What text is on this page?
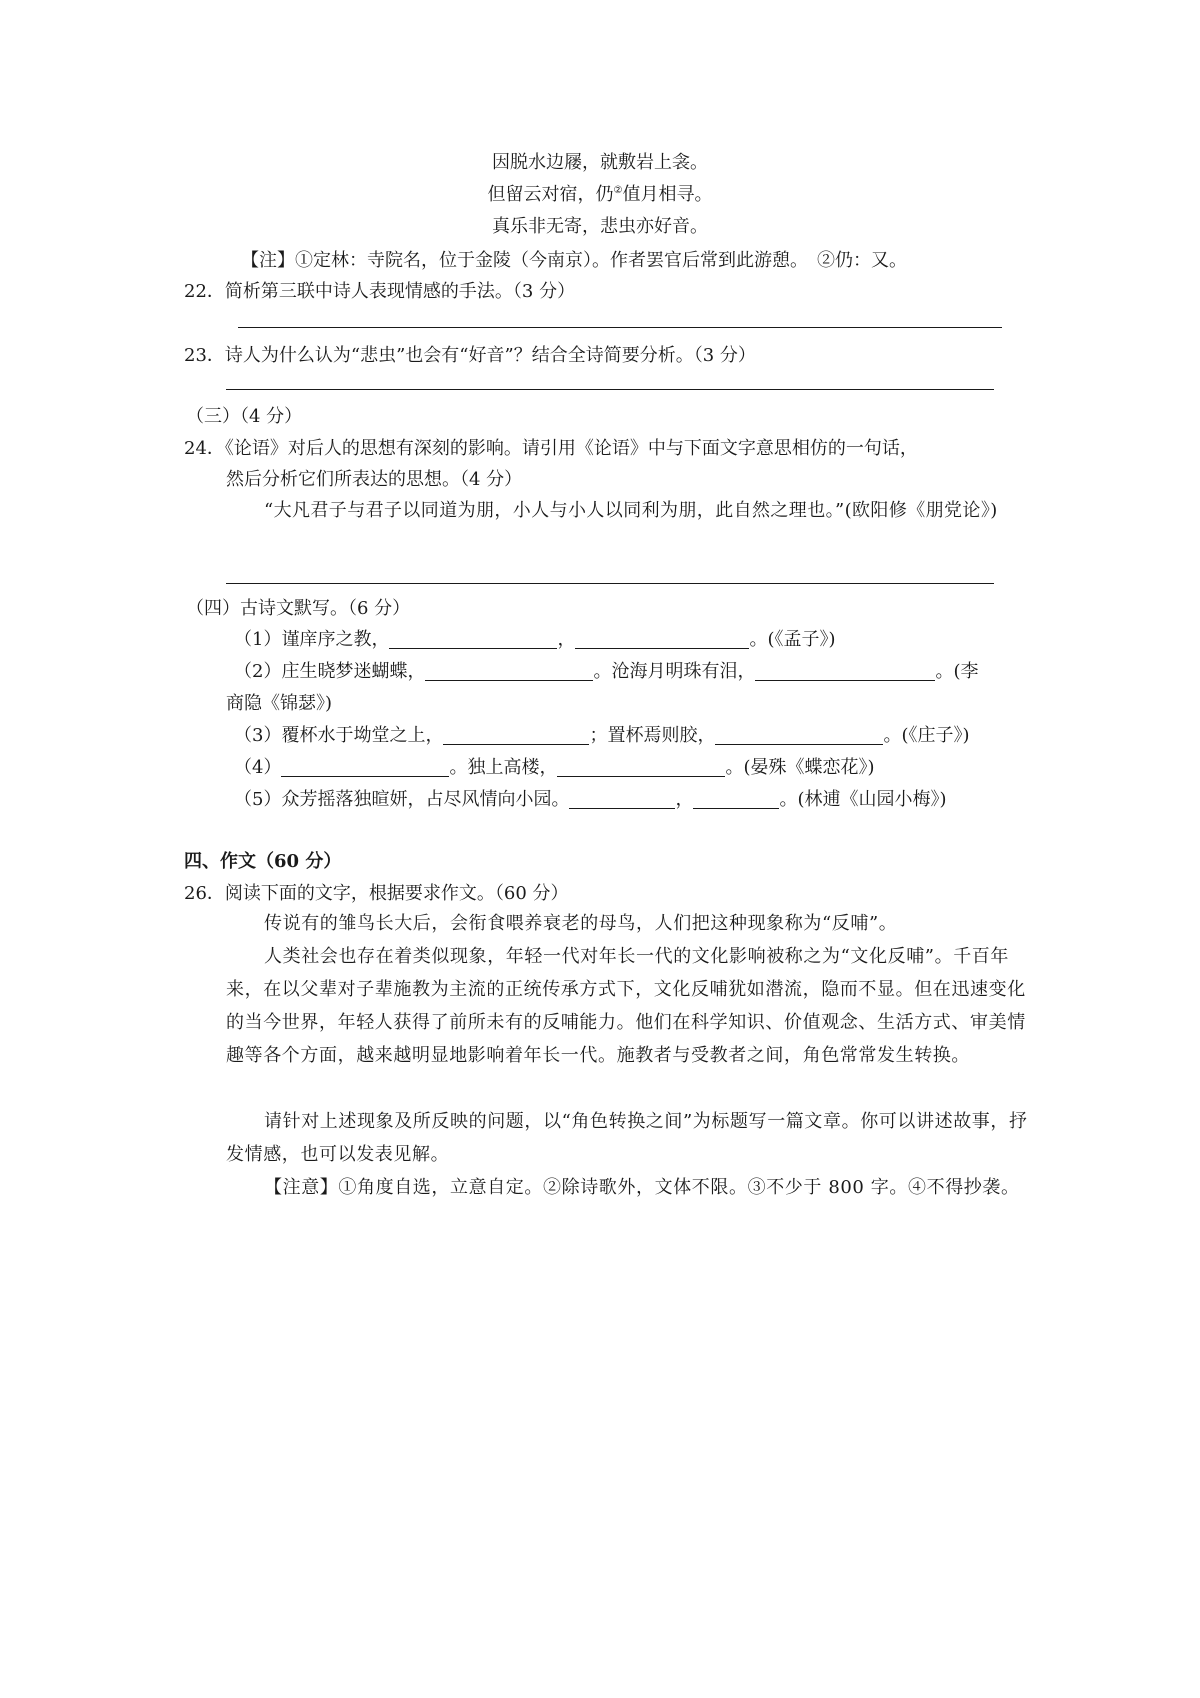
因脱水边屦，就敷岩上衾。
但留云对宿，仍②值月相寻。
真乐非无寄，悲虫亦好音。
【注】①定林：寺院名，位于金陵（今南京）。作者罢官后常到此游憩。　②仍：又。
22．简析第三联中诗人表现情感的手法。（3 分）
23．诗人为什么认为“悲虫”也会有“好音”？结合全诗简要分析。（3 分）
（三）（4 分）
24．《论语》对后人的思想有深刻的影响。请引用《论语》中与下面文字意思相仿的一句话，
然后分析它们所表达的思想。（4 分）
“大凡君子与君子以同道为朋，小人与小人以同利为朋，此自然之理也。”(欧阳修《朋党论》)
（四）古诗文默写。（6 分）
（1）谨庠序之教，	，	。(《孟子》)
（2）庄生晓梦迷蝴蝶，	。沧海月明珠有泪，	。(李
商隐《锦瑟》)
（3）覆杯水于坳堂之上，	；置杯焉则胶，	。(《庄子》)
（4）	。独上高楼，	。(晏殊《蝶恋花》)
（5）众芳摇落独暄妍，占尽风情向小园。	，	。(林逋《山园小梅》)
四、作文（60 分）
26．阅读下面的文字，根据要求作文。（60 分）
传说有的雏鸟长大后，会衔食喂养衰老的母鸟，人们把这种现象称为“反哺”。
人类社会也存在着类似现象，年轻一代对年长一代的文化影响被称之为“文化反哺”。千百年来，在以父辈对子辈施教为主流的正统传承方式下，文化反哺犹如潜流，隐而不显。但在迅速变化的当今世界，年轻人获得了前所未有的反哺能力。他们在科学知识、价值观念、生活方式、审美情趣等各个方面，越来越明显地影响着年长一代。施教者与受教者之间，角色常常发生转换。
请针对上述现象及所反映的问题，以“角色转换之间”为标题写一篇文章。你可以讲述故事，抒发情感，也可以发表见解。
【注意】①角度自选，立意自定。②除诗歌外，文体不限。③不少于 800 字。④不得抄袭。
